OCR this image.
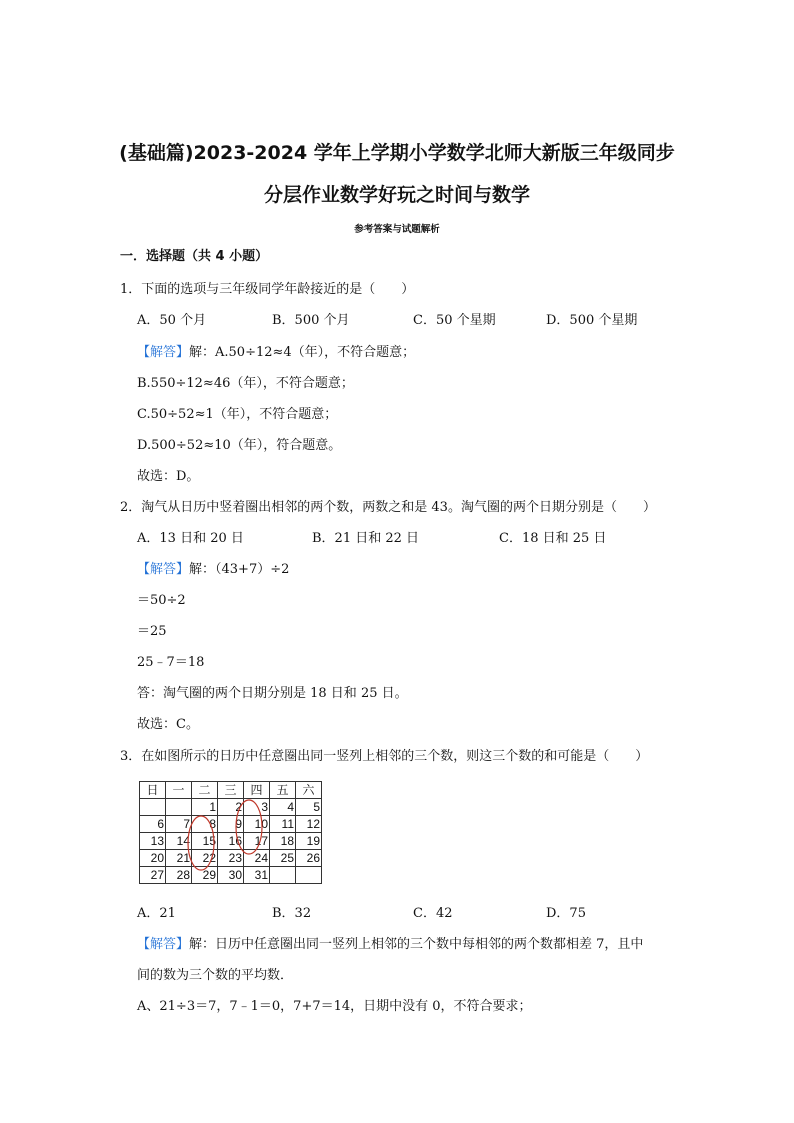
(基础篇)2023-2024 学年上学期小学数学北师大新版三年级同步
分层作业数学好玩之时间与数学
参考答案与试题解析
一．选择题（共 4 小题）
1．下面的选项与三年级同学年龄接近的是（　　）
A．50 个月	B．500 个月	C．50 个星期	D．500 个星期
【解答】解：A.50÷12≈4（年），不符合题意；
B.550÷12≈46（年），不符合题意；
C.50÷52≈1（年），不符合题意；
D.500÷52≈10（年），符合题意。
故选：D。
2．淘气从日历中竖着圈出相邻的两个数，两数之和是 43。淘气圈的两个日期分别是（　　）
A．13 日和 20 日	B．21 日和 22 日	C．18 日和 25 日
【解答】解：（43+7）÷2
＝50÷2
＝25
25﹣7＝18
答：淘气圈的两个日期分别是 18 日和 25 日。
故选：C。
3．在如图所示的日历中任意圈出同一竖列上相邻的三个数，则这三个数的和可能是（　　）
日	一	二	三	四	五	六
		1	2	3	4	5
6	7	8	9	10	11	12
13	14	15	16	17	18	19
20	21	22	23	24	25	26
27	28	29	30	31		
A．21	B．32	C．42	D．75
【解答】解：日历中任意圈出同一竖列上相邻的三个数中每相邻的两个数都相差 7，且中
间的数为三个数的平均数．
A、21÷3＝7，7﹣1＝0，7+7＝14，日期中没有 0，不符合要求；
